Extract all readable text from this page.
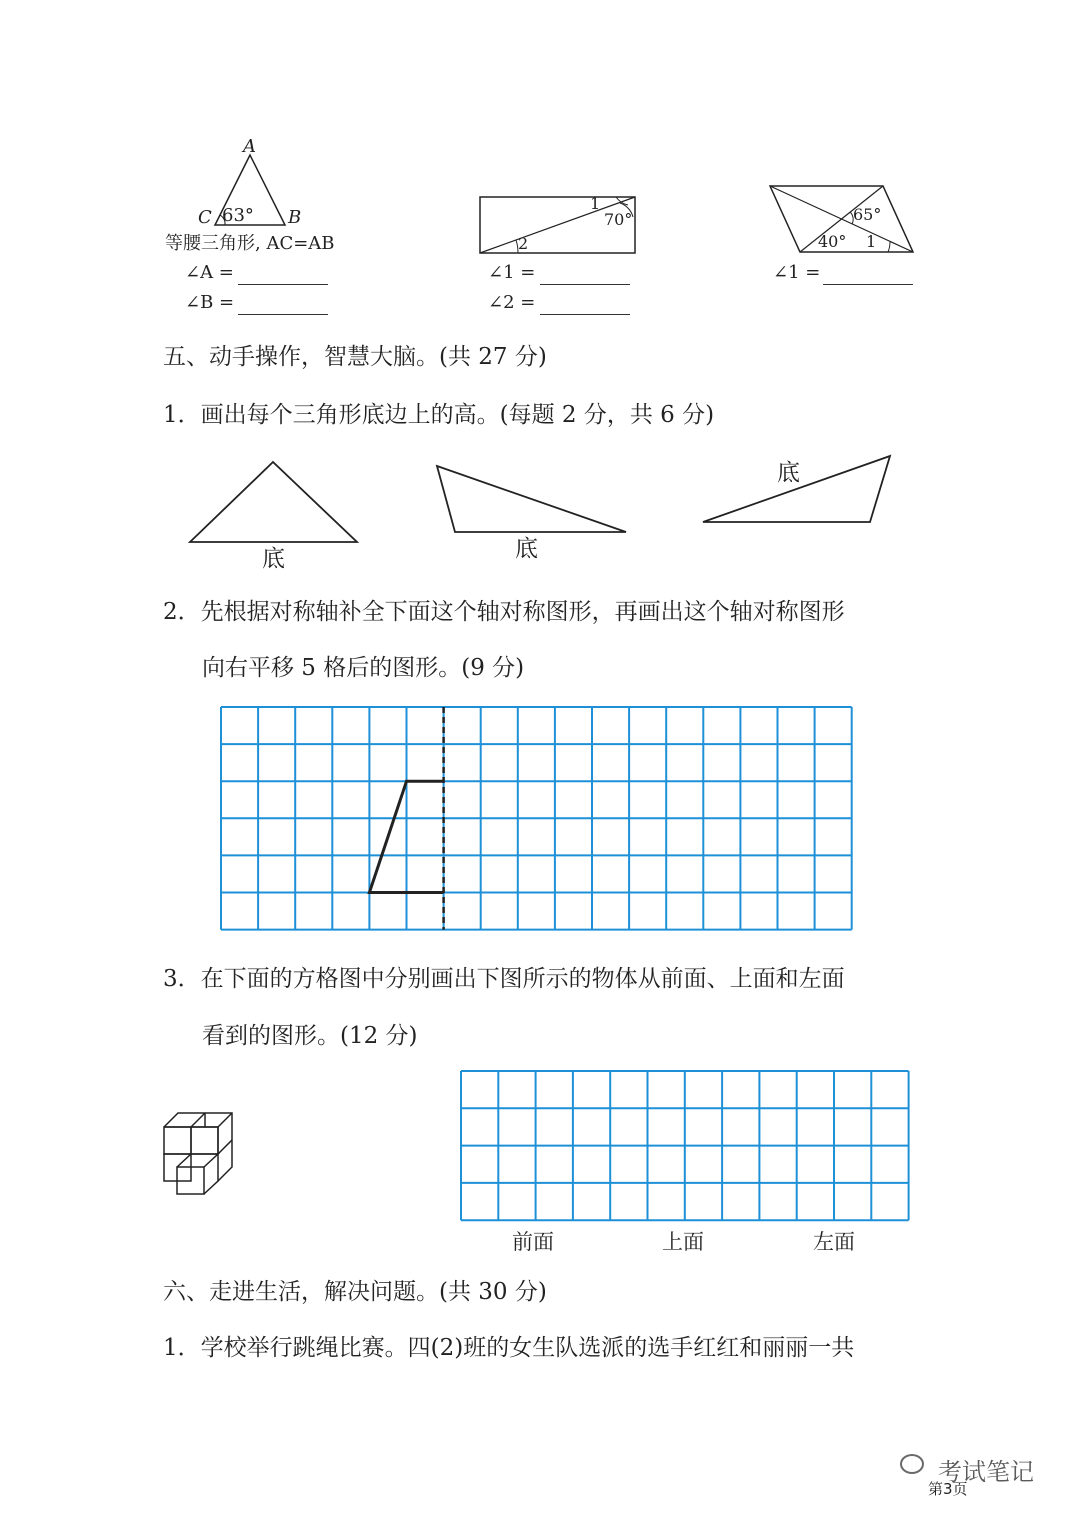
A
C 63° B
等腰三角形, AC=AB
∠A =
∠B =
1
70°
2
∠1 =
∠2 =
65°
40° 1
∠1 =
五、动手操作，智慧大脑。(共 27 分)
1．画出每个三角形底边上的高。(每题 2 分，共 6 分)
底	底
底
2．先根据对称轴补全下面这个轴对称图形，再画出这个轴对称图形
向右平移 5 格后的图形。(9 分)
3．在下面的方格图中分别画出下图所示的物体从前面、上面和左面
看到的图形。(12 分)
前面	上面	左面
六、走进生活，解决问题。(共 30 分)
1．学校举行跳绳比赛。四(2)班的女生队选派的选手红红和丽丽一共
考试笔记
第3页
